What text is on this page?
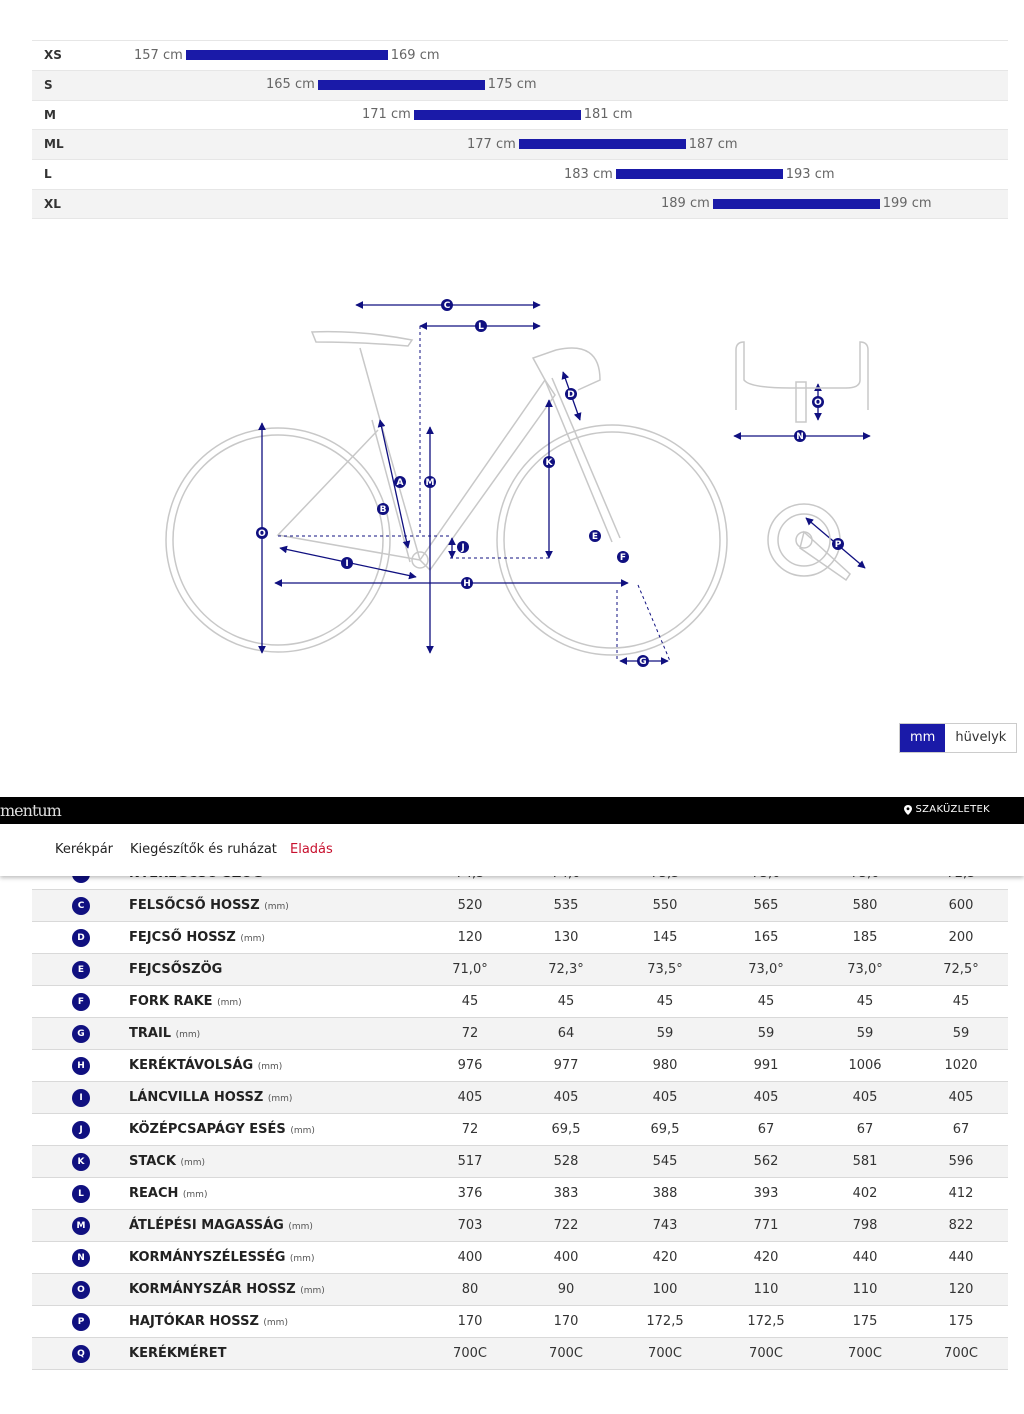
XS	157 cm	169 cm
S	165 cm	175 cm
M	171 cm	181 cm
ML	177 cm	187 cm
L	183 cm	193 cm
XL	189 cm	199 cm
A
B
C
D
E
F
G
H
I
J
K
L
M
N
O
O
P
mm	hüvelyk
mentum	SZAKÜZLETEK
Kerékpár Kiegészítők és ruházat Eladás
C	FELSŐCSŐ HOSSZ (mm)	520	535	550	565	580	600
D	FEJCSŐ HOSSZ (mm)	120	130	145	165	185	200
E	FEJCSŐSZÖG	71,0°	72,3°	73,5°	73,0°	73,0°	72,5°
F	FORK RAKE (mm)	45	45	45	45	45	45
G	TRAIL (mm)	72	64	59	59	59	59
H	KERÉKTÁVOLSÁG (mm)	976	977	980	991	1006	1020
I	LÁNCVILLA HOSSZ (mm)	405	405	405	405	405	405
J	KÖZÉPCSAPÁGY ESÉS (mm)	72	69,5	69,5	67	67	67
K	STACK (mm)	517	528	545	562	581	596
L	REACH (mm)	376	383	388	393	402	412
M	ÁTLÉPÉSI MAGASSÁG (mm)	703	722	743	771	798	822
N	KORMÁNYSZÉLESSÉG (mm)	400	400	420	420	440	440
O	KORMÁNYSZÁR HOSSZ (mm)	80	90	100	110	110	120
P	HAJTÓKAR HOSSZ (mm)	170	170	172,5	172,5	175	175
Q	KERÉKMÉRET	700C	700C	700C	700C	700C	700C
